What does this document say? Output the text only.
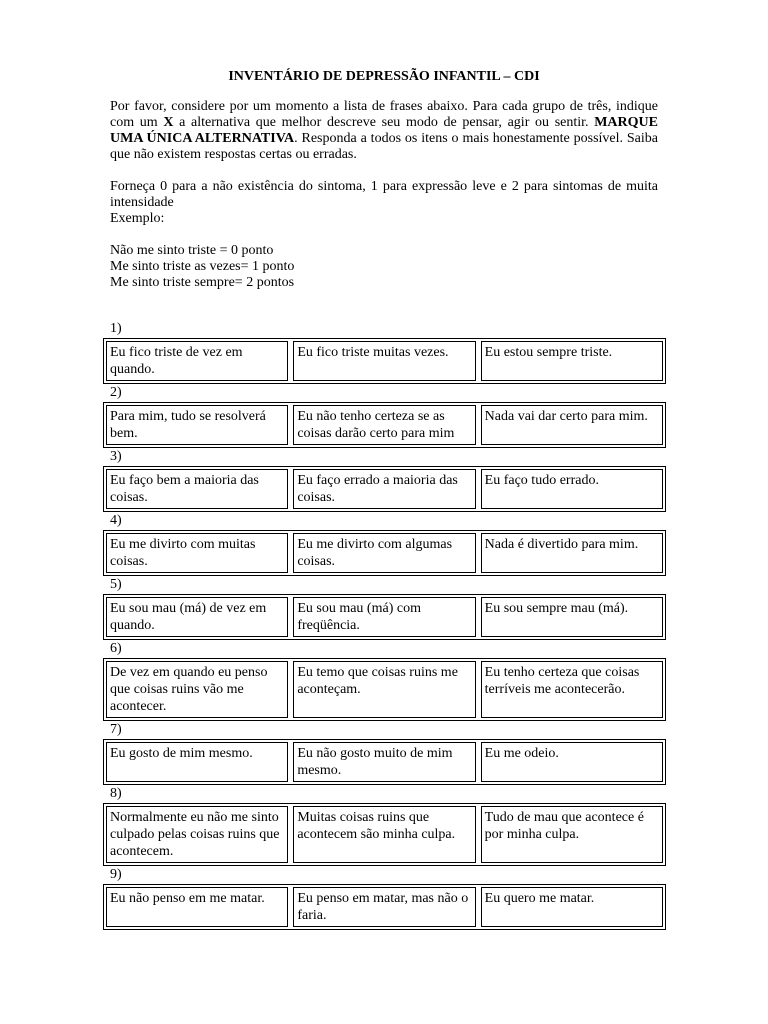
INVENTÁRIO DE DEPRESSÃO INFANTIL – CDI

Por favor, considere por um momento a lista de frases abaixo. Para cada grupo de três, indique com um X a alternativa que melhor descreve seu modo de pensar, agir ou sentir. MARQUE UMA ÚNICA ALTERNATIVA. Responda a todos os itens o mais honestamente possível. Saiba que não existem respostas certas ou erradas.

Forneça 0 para a não existência do sintoma, 1 para expressão leve e 2 para sintomas de muita intensidade

Exemplo:

Não me sinto triste = 0 ponto

Me sinto triste as vezes= 1 ponto

Me sinto triste sempre= 2 pontos

1)
Eu fico triste de vez em quando.
Eu fico triste muitas vezes.	Eu estou sempre triste.
2)
Para mim, tudo se resolverá bem.
Eu não tenho certeza se as coisas darão certo para mim
Nada vai dar certo para mim.
3)
Eu faço bem a maioria das coisas.
Eu faço errado a maioria das coisas.
Eu faço tudo errado.
4)
Eu me divirto com muitas coisas.
Eu me divirto com algumas coisas.
Nada é divertido para mim.
5)
Eu sou mau (má) de vez em quando.
Eu sou mau (má) com freqüência.
Eu sou sempre mau (má).
6)
De vez em quando eu penso que coisas ruins vão me acontecer.
Eu temo que coisas ruins me aconteçam.
Eu tenho certeza que coisas terríveis me acontecerão.
7)
Eu gosto de mim mesmo.	Eu não gosto muito de mim mesmo.
Eu me odeio.
8)
Normalmente eu não me sinto culpado pelas coisas ruins que acontecem.
Muitas coisas ruins que acontecem são minha culpa.
Tudo de mau que acontece é por minha culpa.
9)
Eu não penso em me matar.	Eu penso em matar, mas não o faria.
Eu quero me matar.
